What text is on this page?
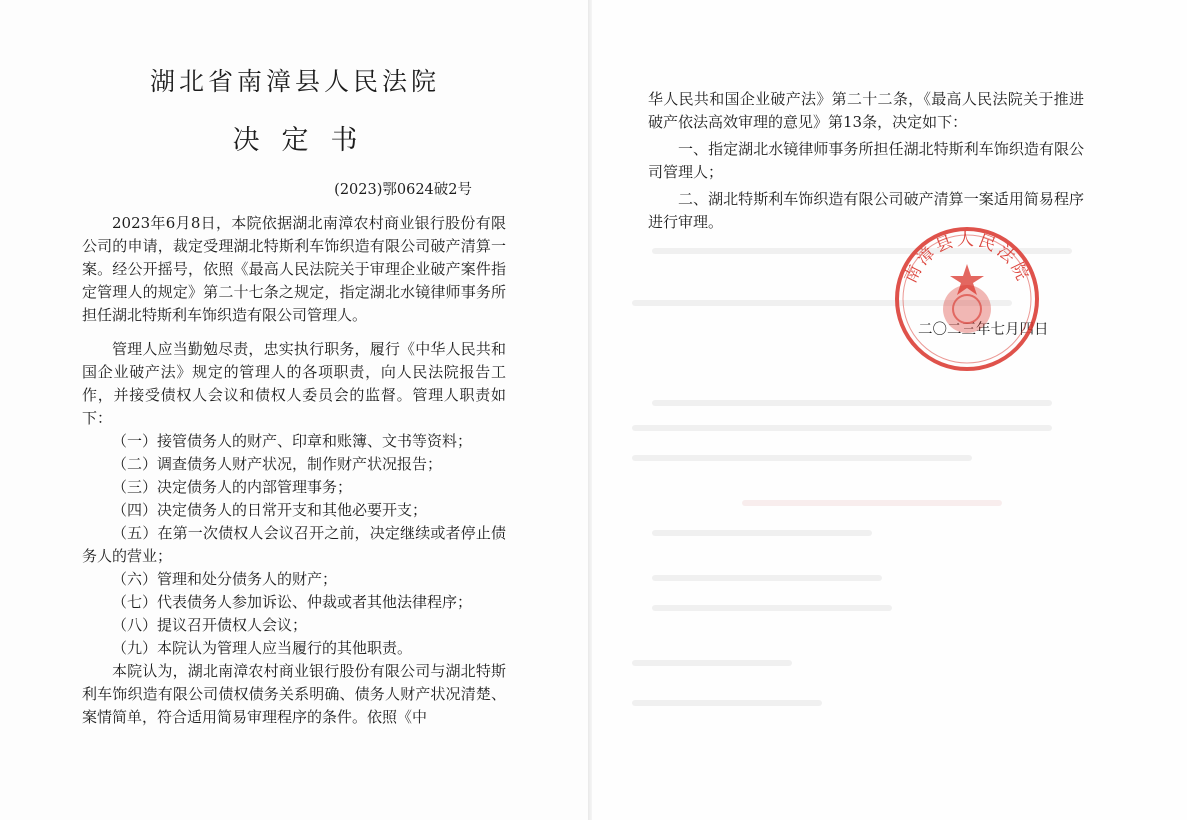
湖北省南漳县人民法院
决定书
(2023)鄂0624破2号

2023年6月8日，本院依据湖北南漳农村商业银行股份有限公司的申请，裁定受理湖北特斯利车饰织造有限公司破产清算一案。经公开摇号，依照《最高人民法院关于审理企业破产案件指定管理人的规定》第二十七条之规定，指定湖北水镜律师事务所担任湖北特斯利车饰织造有限公司管理人。

管理人应当勤勉尽责，忠实执行职务，履行《中华人民共和国企业破产法》规定的管理人的各项职责，向人民法院报告工作，并接受债权人会议和债权人委员会的监督。管理人职责如下：

（一）接管债务人的财产、印章和账簿、文书等资料；

（二）调查债务人财产状况，制作财产状况报告；

（三）决定债务人的内部管理事务；

（四）决定债务人的日常开支和其他必要开支；

（五）在第一次债权人会议召开之前，决定继续或者停止债务人的营业；

（六）管理和处分债务人的财产；

（七）代表债务人参加诉讼、仲裁或者其他法律程序；

（八）提议召开债权人会议；

（九）本院认为管理人应当履行的其他职责。

本院认为，湖北南漳农村商业银行股份有限公司与湖北特斯利车饰织造有限公司债权债务关系明确、债务人财产状况清楚、案情简单，符合适用简易审理程序的条件。依照《中

华人民共和国企业破产法》第二十二条，《最高人民法院关于推进破产依法高效审理的意见》第13条，决定如下：

一、指定湖北水镜律师事务所担任湖北特斯利车饰织造有限公司管理人；

二、湖北特斯利车饰织造有限公司破产清算一案适用简易程序进行审理。

二〇二三年七月四日
南漳县人民法院
